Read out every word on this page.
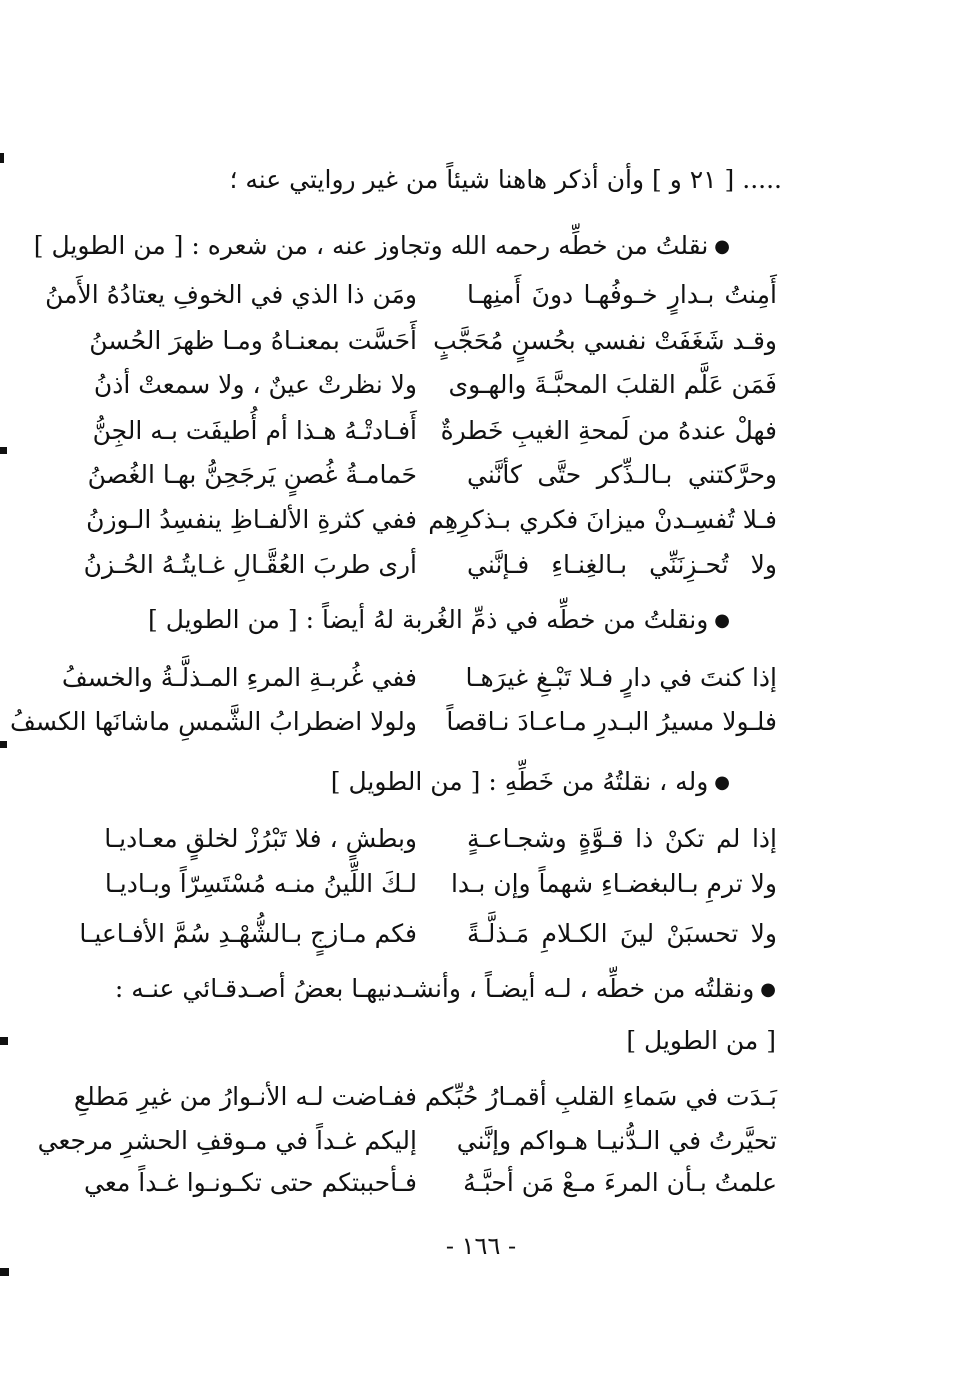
..... [ ٢١ و ] وأن أذكر هاهنا شيئاً من غير روايتي عنه ؛
● نقلتُ من خطِّه رحمه الله وتجاوز عنه ، من شعره : [ من الطويل ]
أَمِنتُ بـدارٍ خـوفُهـا دونَ أَمنِهـا
ومَن ذا الذي في الخوفِ يعتادُهُ الأَمنُ
وقـد شَغَفَتْ نفسي بحُسنٍ مُحَجَّبٍ
أَحَسَّت بمعنـاهُ ومـا ظهرَ الحُسنُ
فَمَن عَلَّم القلبَ المحبَّـةَ والهـوى
ولا نظرتْ عينٌ ، ولا سمعتْ أذنُ
فهلْ عندهُ من لَمحةِ الغيبِ خَطرةٌ
أَفـادتْـهُ هـذا أم أُطيفَت بـه الجِنُّ
وحرَّكتني بـالـذِّكر حتَّى كأنَّني
حَمامـةُ غُصنٍ يَرجَحِنُّ بهـا الغُصنُ
فـلا تُفسِـدنْ ميزانَ فكري بـذكرِهِم
ففي كثرةِ الألفـاظِ ينفسِدُ الـوزنُ
ولا تُحـزِنَنِّي بـالغِنـاءِ فـإنَّني
أرى طربَ العُقَّـالِ غـايتُـهُ الحُـزنُ
● ونقلتُ من خطِّه في ذمِّ الغُربة لهُ أيضاً : [ من الطويل ]
إذا كنتَ في دارٍ فـلا تَبْـغِ غيرَهـا
ففي غُربـةِ المرءِ المـذلَّـةُ والخسفُ
فلـولا مسيرُ البـدرِ مـاعـادَ نـاقصاً
ولولا اضطرابُ الشَّمسِ ماشانَها الكسفُ
● وله ، نقلتُهُ من خَطِّهِ : [ من الطويل ]
إذا لم تكنْ ذا قـوَّةٍ وشجـاعـةٍ
وبطشٍ ، فلا تَبْرُزْ لخلقٍ معـاديـا
ولا ترمِ بـالبغضـاءِ شهماً وإن بـدا
لـكَ اللِّينُ منـه مُسْتَسِرّاً وبـاديـا
ولا تحسبَنْ لينَ الكـلامِ مَـذلَّـةً
فكم مـازجٍ بـالشُّهْـدِ سُمَّ الأفـاعيـا
● ونقلتُه من خطِّه ، لـه أيضـاً ، وأنشـدنيهـا بعضُ أصـدقـائي عنـه :
[ من الطويل ]
بَـدَت في سَماءِ القلبِ أقمـارُ حُبِّكم
ففـاضت لـه الأنـوارُ من غيرِ مَطلعِ
تحيَّرتُ في الـدُّنيـا هـواكم وإنَّني
إليكم غـداً في مـوقفِ الحشرِ مرجعي
علمتُ بـأن المرءَ مـعْ مَن أحبَّـهُ
فـأحببتكم حتى تكـونـوا غـداً معي
- ١٦٦ -
